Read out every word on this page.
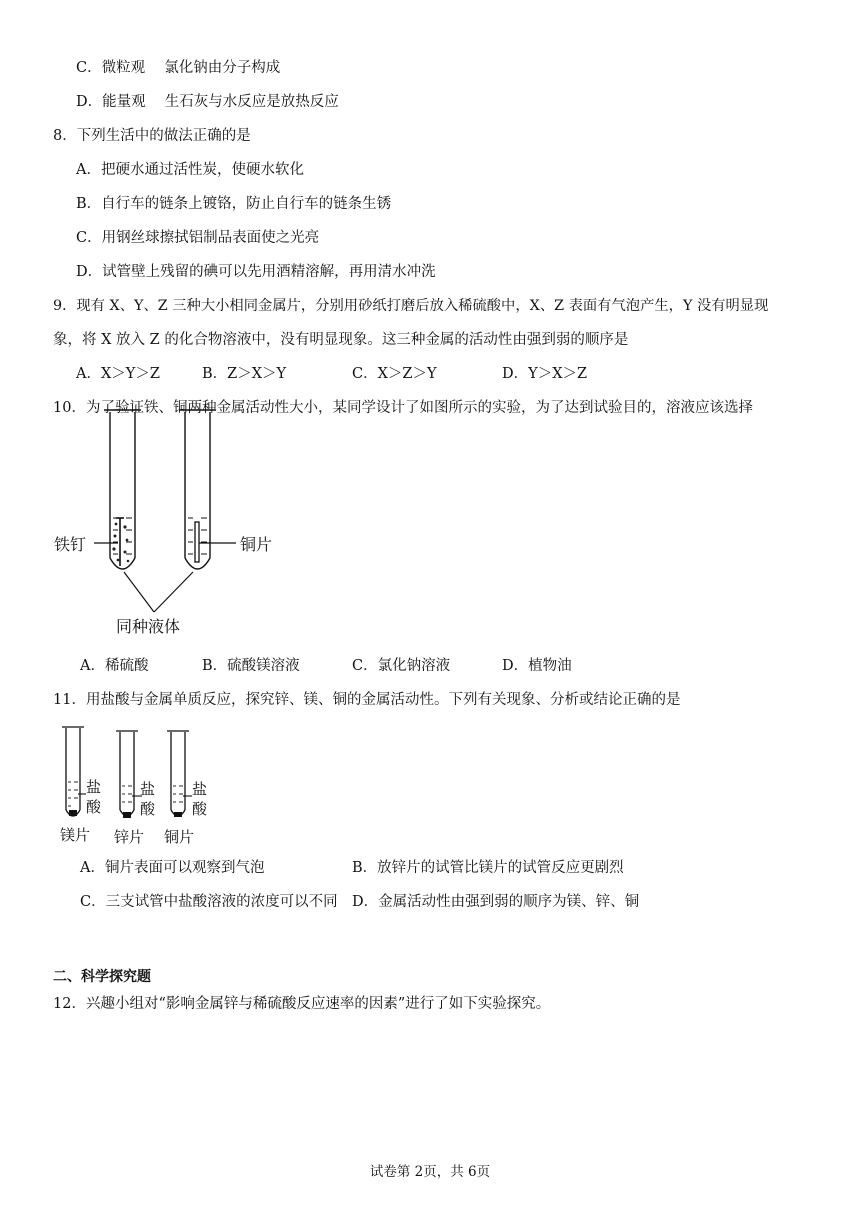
C．微粒观　 氯化钠由分子构成
D．能量观　 生石灰与水反应是放热反应
8．下列生活中的做法正确的是
A．把硬水通过活性炭，使硬水软化
B．自行车的链条上镀铬，防止自行车的链条生锈
C．用钢丝球擦拭铝制品表面使之光亮
D．试管壁上残留的碘可以先用酒精溶解，再用清水冲洗
9．现有 X、Y、Z 三种大小相同金属片，分别用砂纸打磨后放入稀硫酸中，X、Z 表面有气泡产生，Y 没有明显现
象，将 X 放入 Z 的化合物溶液中，没有明显现象。这三种金属的活动性由强到弱的顺序是
A．X＞Y＞Z	B．Z＞X＞Y	C．X＞Z＞Y	D．Y＞X＞Z
10．为了验证铁、铜两种金属活动性大小，某同学设计了如图所示的实验，为了达到试验目的，溶液应该选择
铁钉	铜片
同种液体
A．稀硫酸	B．硫酸镁溶液	C．氯化钠溶液	D．植物油
11．用盐酸与金属单质反应，探究锌、镁、铜的金属活动性。下列有关现象、分析或结论正确的是
盐
酸
盐
酸
盐
酸
镁片 锌片 铜片
A．铜片表面可以观察到气泡	B．放锌片的试管比镁片的试管反应更剧烈
C．三支试管中盐酸溶液的浓度可以不同 D．金属活动性由强到弱的顺序为镁、锌、铜
二、科学探究题
12．兴趣小组对“影响金属锌与稀硫酸反应速率的因素”进行了如下实验探究。
试卷第 2页，共 6页
